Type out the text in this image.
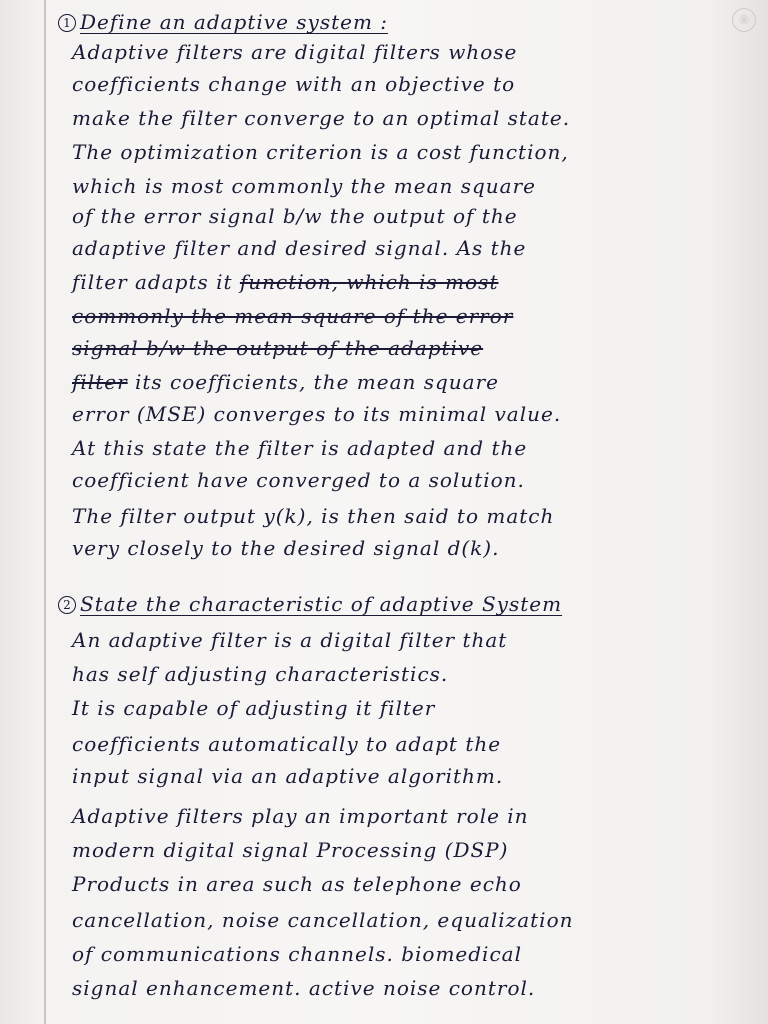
⑧
1 Define an adaptive system :
Adaptive filters are digital filters whose
coefficients change with an objective to
make the filter converge to an optimal state.
The optimization criterion is a cost function,
which is most commonly the mean square
of the error signal b/w the output of the
adaptive filter and desired signal. As the
filter adapts it function, which is most
commonly the mean square of the error
signal b/w the output of the adaptive
filter its coefficients, the mean square
error (MSE) converges to its minimal value.
At this state the filter is adapted and the
coefficient have converged to a solution.
The filter output y(k), is then said to match
very closely to the desired signal d(k).
2 State the characteristic of adaptive System
An adaptive filter is a digital filter that
has self adjusting characteristics.
It is capable of adjusting it filter
coefficients automatically to adapt the
input signal via an adaptive algorithm.
Adaptive filters play an important role in
modern digital signal Processing (DSP)
Products in area such as telephone echo
cancellation, noise cancellation, equalization
of communications channels. biomedical
signal enhancement. active noise control.
